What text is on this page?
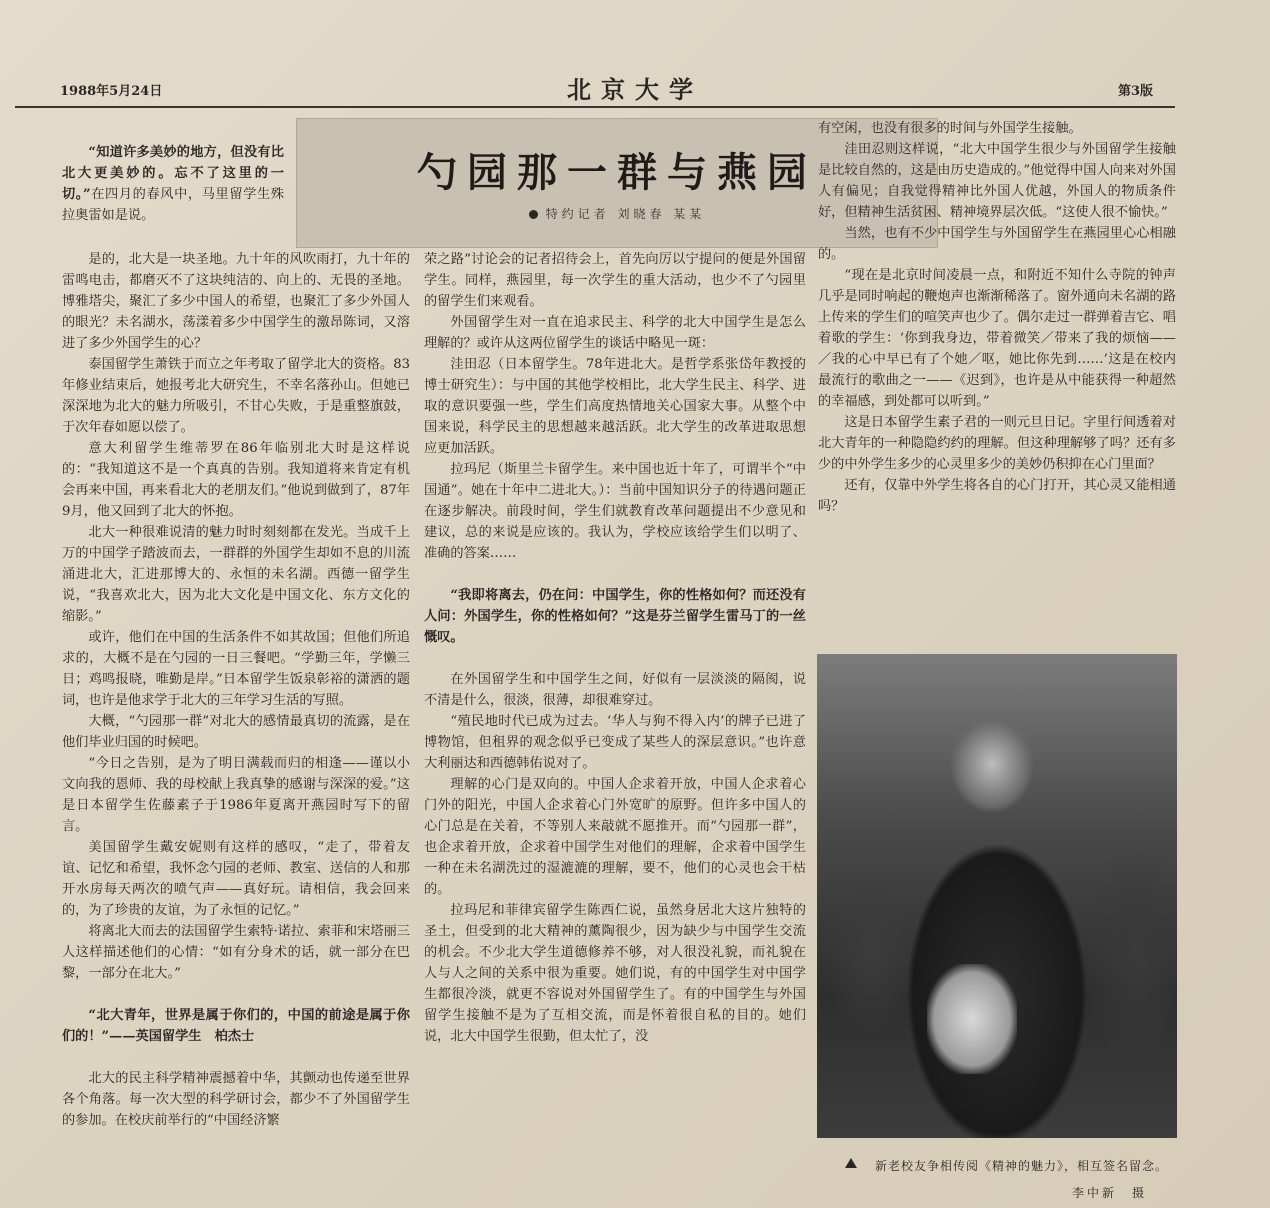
1988年5月24日	北京大学	第3版
勺园那一群与燕园
特约记者 刘晓春 某某

“知道许多美妙的地方，但没有比北大更美妙的。忘不了这里的一切。”在四月的春风中，马里留学生殊拉奥雷如是说。

是的，北大是一块圣地。九十年的风吹雨打，九十年的雷鸣电击，都磨灭不了这块纯洁的、向上的、无畏的圣地。博雅塔尖，聚汇了多少中国人的希望，也聚汇了多少外国人的眼光？未名湖水，荡漾着多少中国学生的激昂陈词，又溶进了多少外国学生的心？

泰国留学生萧铁于而立之年考取了留学北大的资格。83年修业结束后，她报考北大研究生，不幸名落孙山。但她已深深地为北大的魅力所吸引，不甘心失败，于是重整旗鼓，于次年春如愿以偿了。

意大利留学生维蒂罗在86年临别北大时是这样说的：“我知道这不是一个真真的告别。我知道将来肯定有机会再来中国，再来看北大的老朋友们。”他说到做到了，87年9月，他又回到了北大的怀抱。

北大一种很难说清的魅力时时刻刻都在发光。当成千上万的中国学子踏波而去，一群群的外国学生却如不息的川流涌进北大，汇进那博大的、永恒的未名湖。西德一留学生说，“我喜欢北大，因为北大文化是中国文化、东方文化的缩影。”

或许，他们在中国的生活条件不如其故国；但他们所追求的，大概不是在勺园的一日三餐吧。“学勤三年，学懒三日；鸡鸣报晓，唯勤是岸。”日本留学生饭泉彰裕的潇洒的题词，也许是他求学于北大的三年学习生活的写照。

大概，“勺园那一群”对北大的感情最真切的流露，是在他们毕业归国的时候吧。

“今日之告别，是为了明日满载而归的相逢——谨以小文向我的恩师、我的母校献上我真挚的感谢与深深的爱。”这是日本留学生佐藤素子于1986年夏离开燕园时写下的留言。

美国留学生戴安妮则有这样的感叹，“走了，带着友谊、记忆和希望，我怀念勺园的老师、教室、送信的人和那开水房每天两次的喷气声——真好玩。请相信，我会回来的，为了珍贵的友谊，为了永恒的记忆。”

将离北大而去的法国留学生索特·诺拉、索菲和宋塔丽三人这样描述他们的心情：“如有分身术的话，就一部分在巴黎，一部分在北大。”

“北大青年，世界是属于你们的，中国的前途是属于你们的！”——英国留学生　柏杰士

北大的民主科学精神震撼着中华，其颤动也传递至世界各个角落。每一次大型的科学研讨会，都少不了外国留学生的参加。在校庆前举行的“中国经济繁

荣之路”讨论会的记者招待会上，首先向厉以宁提问的便是外国留学生。同样，燕园里，每一次学生的重大活动，也少不了勺园里的留学生们来观看。

外国留学生对一直在追求民主、科学的北大中国学生是怎么理解的？或许从这两位留学生的谈话中略见一斑：

洼田忍（日本留学生。78年进北大。是哲学系张岱年教授的博士研究生）：与中国的其他学校相比，北大学生民主、科学、进取的意识要强一些，学生们高度热情地关心国家大事。从整个中国来说，科学民主的思想越来越活跃。北大学生的改革进取思想应更加活跃。

拉玛尼（斯里兰卡留学生。来中国也近十年了，可谓半个“中国通”。她在十年中二进北大。）：当前中国知识分子的待遇问题正在逐步解决。前段时间，学生们就教育改革问题提出不少意见和建议，总的来说是应该的。我认为，学校应该给学生们以明了、准确的答案……

“我即将离去，仍在问：中国学生，你的性格如何？而还没有人问：外国学生，你的性格如何？”这是芬兰留学生雷马丁的一丝慨叹。

在外国留学生和中国学生之间，好似有一层淡淡的隔阂，说不清是什么，很淡，很薄，却很难穿过。

“殖民地时代已成为过去。‘华人与狗不得入内’的牌子已进了博物馆，但租界的观念似乎已变成了某些人的深层意识。”也许意大利丽达和西德韩佑说对了。

理解的心门是双向的。中国人企求着开放，中国人企求着心门外的阳光，中国人企求着心门外宽旷的原野。但许多中国人的心门总是在关着，不等别人来敲就不愿推开。而“勺园那一群”，也企求着开放，企求着中国学生对他们的理解，企求着中国学生一种在未名湖洗过的湿漉漉的理解，要不，他们的心灵也会干枯的。

拉玛尼和菲律宾留学生陈西仁说，虽然身居北大这片独特的圣土，但受到的北大精神的薰陶很少，因为缺少与中国学生交流的机会。不少北大学生道德修养不够，对人很没礼貌，而礼貌在人与人之间的关系中很为重要。她们说，有的中国学生对中国学生都很冷淡，就更不容说对外国留学生了。有的中国学生与外国留学生接触不是为了互相交流，而是怀着很自私的目的。她们说，北大中国学生很勤，但太忙了，没

有空闲，也没有很多的时间与外国学生接触。

洼田忍则这样说，“北大中国学生很少与外国留学生接触是比较自然的，这是由历史造成的。”他觉得中国人向来对外国人有偏见；自我觉得精神比外国人优越，外国人的物质条件好，但精神生活贫困、精神境界层次低。“这使人很不愉快。”

当然，也有不少中国学生与外国留学生在燕园里心心相融的。

“现在是北京时间凌晨一点，和附近不知什么寺院的钟声几乎是同时响起的鞭炮声也渐渐稀落了。窗外通向未名湖的路上传来的学生们的喧笑声也少了。偶尔走过一群弹着吉它、唱着歌的学生：‘你到我身边，带着微笑／带来了我的烦恼——／我的心中早已有了个她／呕，她比你先到……’这是在校内最流行的歌曲之一——《迟到》，也许是从中能获得一种超然的幸福感，到处都可以听到。”

这是日本留学生素子君的一则元旦日记。字里行间透着对北大青年的一种隐隐约约的理解。但这种理解够了吗？还有多少的中外学生多少的心灵里多少的美妙仍积抑在心门里面？

还有，仅靠中外学生将各自的心门打开，其心灵又能相通吗？

新老校友争相传阅《精神的魅力》，相互签名留念。
李中新　摄
